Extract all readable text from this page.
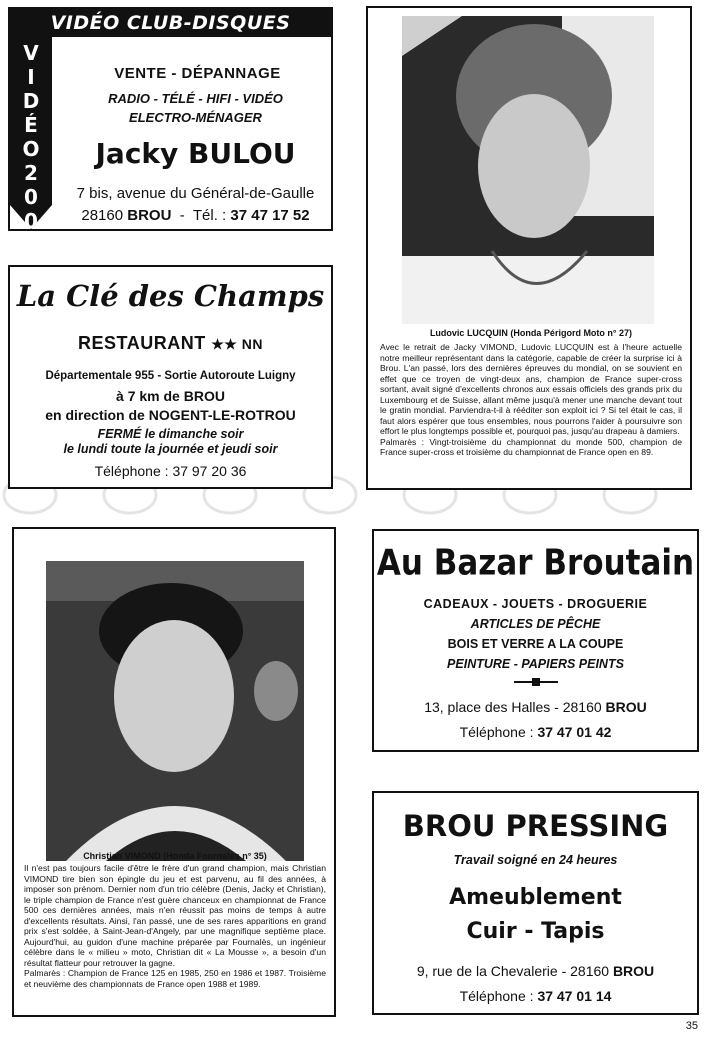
VIDÉO CLUB-DISQUES
V
I
D
É
O
2
0
0
0
VENTE - DÉPANNAGE
RADIO - TÉLÉ - HIFI - VIDÉO
ELECTRO-MÉNAGER
Jacky BULOU
7 bis, avenue du Général-de-Gaulle
28160 BROU - Tél. : 37 47 17 52
Ludovic LUCQUIN (Honda Périgord Moto n° 27)
Avec le retrait de Jacky VIMOND, Ludovic LUCQUIN est à l'heure actuelle notre meilleur représentant dans la catégorie, capable de créer la surprise ici à Brou. L'an passé, lors des dernières épreuves du mondial, on se souvient en effet que ce troyen de vingt-deux ans, champion de France super-cross sortant, avait signé d'excellents chronos aux essais officiels des grands prix du Luxembourg et de Suisse, allant même jusqu'à mener une manche devant tout le gratin mondial. Parviendra-t-il à rééditer son exploit ici ? Si tel était le cas, il faut alors espérer que tous ensembles, nous pourrons l'aider à poursuivre son effort le plus longtemps possible et, pourquoi pas, jusqu'au drapeau à damiers.
Palmarès : Vingt-troisième du championnat du monde 500, champion de France super-cross et troisième du championnat de France open en 89.
La Clé des Champs
RESTAURANT ★★ NN
Départementale 955 - Sortie Autoroute Luigny
à 7 km de BROU
en direction de NOGENT-LE-ROTROU
FERMÉ le dimanche soir
le lundi toute la journée et jeudi soir
Téléphone : 37 97 20 36
Christian VIMOND (Honda Fournalès n° 35)
Il n'est pas toujours facile d'être le frère d'un grand champion, mais Christian VIMOND tire bien son épingle du jeu et est parvenu, au fil des années, à imposer son prénom. Dernier nom d'un trio célèbre (Denis, Jacky et Christian), le triple champion de France n'est guère chanceux en championnat de France 500 ces dernières années, mais n'en réussit pas moins de temps à autre d'excellents résultats. Ainsi, l'an passé, une de ses rares apparitions en grand prix s'est soldée, à Saint-Jean-d'Angely, par une magnifique septième place. Aujourd'hui, au guidon d'une machine préparée par Fournalès, un ingénieur célèbre dans le « milieu » moto, Christian dit « La Mousse », a besoin d'un résultat flatteur pour retrouver la gagne.
Palmarès : Champion de France 125 en 1985, 250 en 1986 et 1987. Troisième et neuvième des championnats de France open 1988 et 1989.
Au Bazar Broutain
CADEAUX - JOUETS - DROGUERIE
ARTICLES DE PÊCHE
BOIS ET VERRE A LA COUPE
PEINTURE - PAPIERS PEINTS
13, place des Halles - 28160 BROU
Téléphone : 37 47 01 42
BROU PRESSING
Travail soigné en 24 heures
Ameublement
Cuir - Tapis
9, rue de la Chevalerie - 28160 BROU
Téléphone : 37 47 01 14
35
